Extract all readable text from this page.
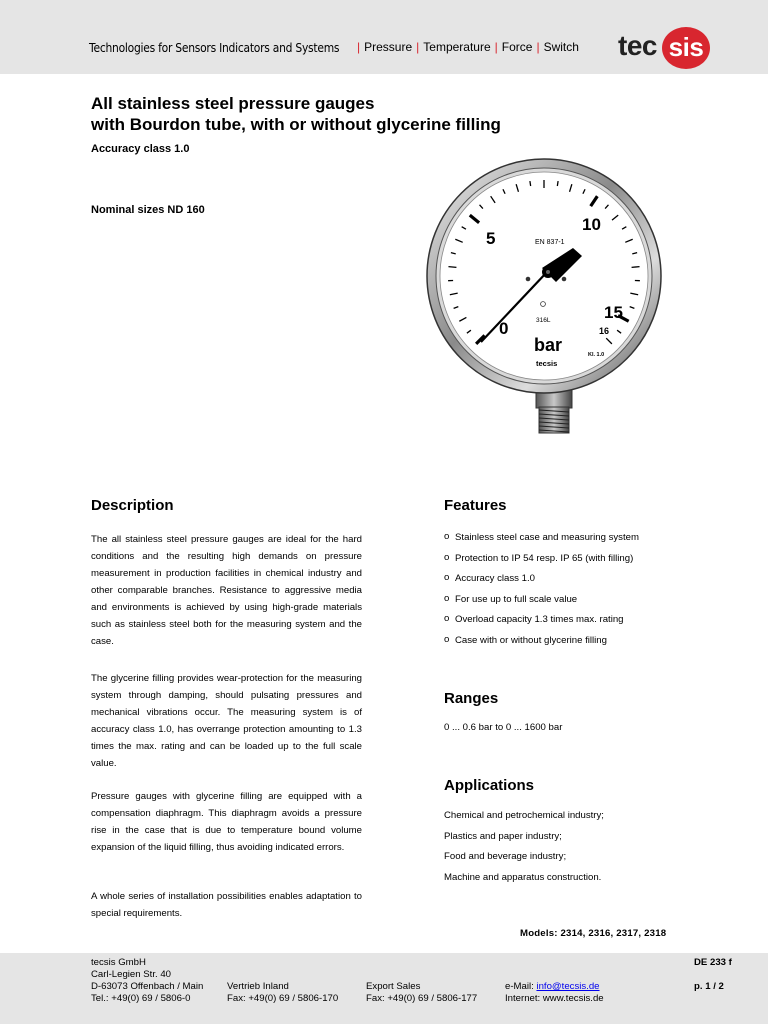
Technologies for Sensors Indicators and Systems | Pressure | Temperature | Force | Switch tec sis
All stainless steel pressure gauges
with Bourdon tube, with or without glycerine filling
Accuracy class 1.0
Nominal sizes ND 160
0
5
10
15
16
EN 837-1
316L
bar	Kl. 1.0
tecsis
Description
The all stainless steel pressure gauges are ideal for the hard conditions and the resulting high demands on pressure measurement in production facilities in chemical industry and other comparable branches. Resistance to aggressive media and environments is achieved by using high-grade materials such as stainless steel both for the measuring system and the case.
The glycerine filling provides wear-protection for the measuring system through damping, should pulsating pressures and mechanical vibrations occur. The measuring system is of accuracy class 1.0, has overrange protection amounting to 1.3 times the max. rating and can be loaded up to the full scale value.
Pressure gauges with glycerine filling are equipped with a compensation diaphragm. This diaphragm avoids a pressure rise in the case that is due to temperature bound volume expansion of the liquid filling, thus avoiding indicated errors.
A whole series of installation possibilities enables adaptation to special requirements.
Features
o Stainless steel case and measuring system
o Protection to IP 54 resp. IP 65 (with filling)
o Accuracy class 1.0
o For use up to full scale value
o Overload capacity 1.3 times max. rating
o Case with or without glycerine filling
Ranges
0 ... 0.6 bar to 0 ... 1600 bar
Applications
Chemical and petrochemical industry;
Plastics and paper industry;
Food and beverage industry;
Machine and apparatus construction.
Models: 2314, 2316, 2317, 2318
tecsis GmbH
Carl-Legien Str. 40
D-63073 Offenbach / Main
Tel.: +49(0) 69 / 5806-0
Vertrieb Inland
Fax: +49(0) 69 / 5806-170
Export Sales
Fax: +49(0) 69 / 5806-177
e-Mail: info@tecsis.de
Internet: www.tecsis.de
DE 233 f
p. 1 / 2
